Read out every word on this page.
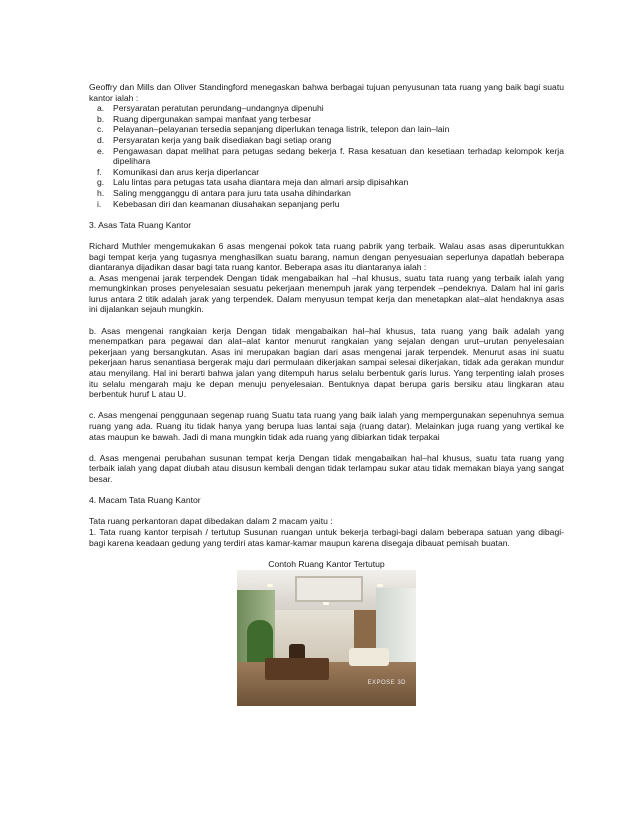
Geoffry dan Mills dan Oliver Standingford menegaskan bahwa berbagai tujuan penyusunan tata ruang yang baik bagi suatu kantor ialah :

a. Persyaratan peratutan perundang–undangnya dipenuhi
b. Ruang dipergunakan sampai manfaat yang terbesar
c. Pelayanan–pelayanan tersedia sepanjang diperlukan tenaga listrik, telepon dan lain–lain
d. Persyaratan kerja yang baik disediakan bagi setiap orang
e. Pengawasan dapat melihat para petugas sedang bekerja f. Rasa kesatuan dan kesetiaan terhadap kelompok kerja dipelihara
f. Komunikasi dan arus kerja diperlancar
g. Lalu lintas para petugas tata usaha diantara meja dan almari arsip dipisahkan
h. Saling mengganggu di antara para juru tata usaha dihindarkan
i. Kebebasan diri dan keamanan diusahakan sepanjang perlu

3. Asas Tata Ruang Kantor

Richard Muthler mengemukakan 6 asas mengenai pokok tata ruang pabrik yang terbaik. Walau asas asas diperuntukkan bagi tempat kerja yang tugasnya menghasilkan suatu barang, namun dengan penyesuaian seperlunya dapatlah beberapa diantaranya dijadikan dasar bagi tata ruang kantor. Beberapa asas itu diantaranya ialah :

a. Asas mengenai jarak terpendek Dengan tidak mengabaikan hal –hal khusus, suatu tata ruang yang terbaik ialah yang memungkinkan proses penyelesaian sesuatu pekerjaan menempuh jarak yang terpendek –pendeknya. Dalam hal ini garis lurus antara 2 titik adalah jarak yang terpendek. Dalam menyusun tempat kerja dan menetapkan alat–alat hendaknya asas ini dijalankan sejauh mungkin.

b. Asas mengenai rangkaian kerja Dengan tidak mengabaikan hal–hal khusus, tata ruang yang baik adalah yang menempatkan para pegawai dan alat–alat kantor menurut rangkaian yang sejalan dengan urut–urutan penyelesaian pekerjaan yang bersangkutan. Asas ini merupakan bagian dari asas mengenai jarak terpendek. Menurut asas ini suatu pekerjaan harus senantiasa bergerak maju dari permulaan dikerjakan sampai selesai dikerjakan, tidak ada gerakan mundur atau menyilang. Hal ini berarti bahwa jalan yang ditempuh harus selalu berbentuk garis lurus. Yang terpenting ialah proses itu selalu mengarah maju ke depan menuju penyelesaian. Bentuknya dapat berupa garis bersiku atau lingkaran atau berbentuk huruf L atau U.

c. Asas mengenai penggunaan segenap ruang Suatu tata ruang yang baik ialah yang mempergunakan sepenuhnya semua ruang yang ada. Ruang itu tidak hanya yang berupa luas lantai saja (ruang datar). Melainkan juga ruang yang vertikal ke atas maupun ke bawah. Jadi di mana mungkin tidak ada ruang yang dibiarkan tidak terpakai

d. Asas mengenai perubahan susunan tempat kerja Dengan tidak mengabaikan hal–hal khusus, suatu tata ruang yang terbaik ialah yang dapat diubah atau disusun kembali dengan tidak terlampau sukar atau tidak memakan biaya yang sangat besar.

4. Macam Tata Ruang Kantor

Tata ruang perkantoran dapat dibedakan dalam 2 macam yaitu :

1. Tata ruang kantor terpisah / tertutup Susunan ruangan untuk bekerja terbagi-bagi dalam beberapa satuan yang dibagi-bagi karena keadaan gedung yang terdiri atas kamar-kamar maupun karena disegaja dibauat pemisah buatan.

Contoh Ruang Kantor Tertutup

EXPOSE 3D
